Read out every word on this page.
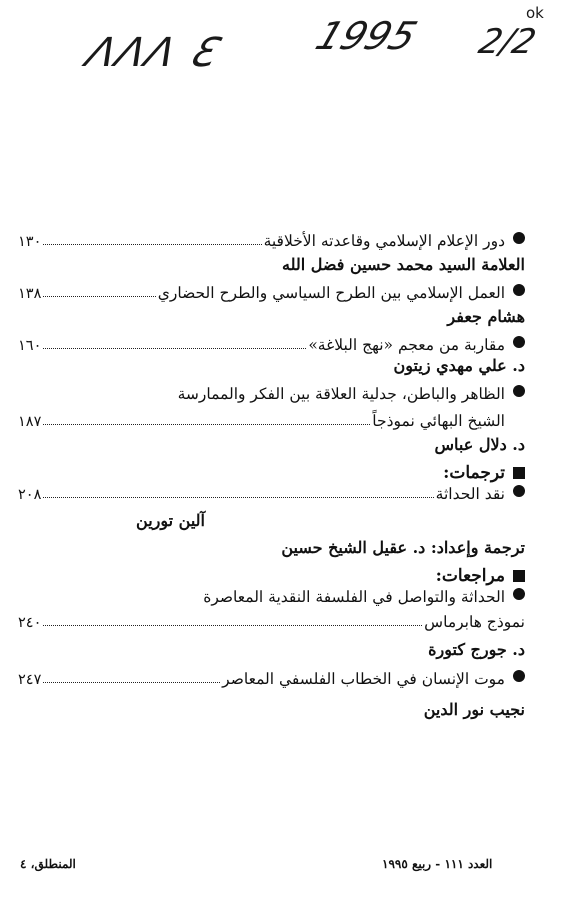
ΛΛΛ Ɛ 1995 2/2
ok
دور الإعلام الإسلامي وقاعدته الأخلاقية
١٣٠
العلامة السيد محمد حسين فضل الله
العمل الإسلامي بين الطرح السياسي والطرح الحضاري
١٣٨
هشام جعفر
مقاربة من معجم «نهج البلاغة»
١٦٠
د. علي مهدي زيتون
الظاهر والباطن، جدلية العلاقة بين الفكر والممارسة
الشيخ البهائي نموذجاً
١٨٧
د. دلال عباس
ترجمات:
نقد الحداثة
٢٠٨
آلين تورين
ترجمة وإعداد: د. عقيل الشيخ حسين
مراجعات:
الحداثة والتواصل في الفلسفة النقدية المعاصرة
نموذج هابرماس
٢٤٠
د. جورج كتورة
موت الإنسان في الخطاب الفلسفي المعاصر
٢٤٧
نجيب نور الدين
العدد ١١١ - ربيع ١٩٩٥
المنطلق، ٤
